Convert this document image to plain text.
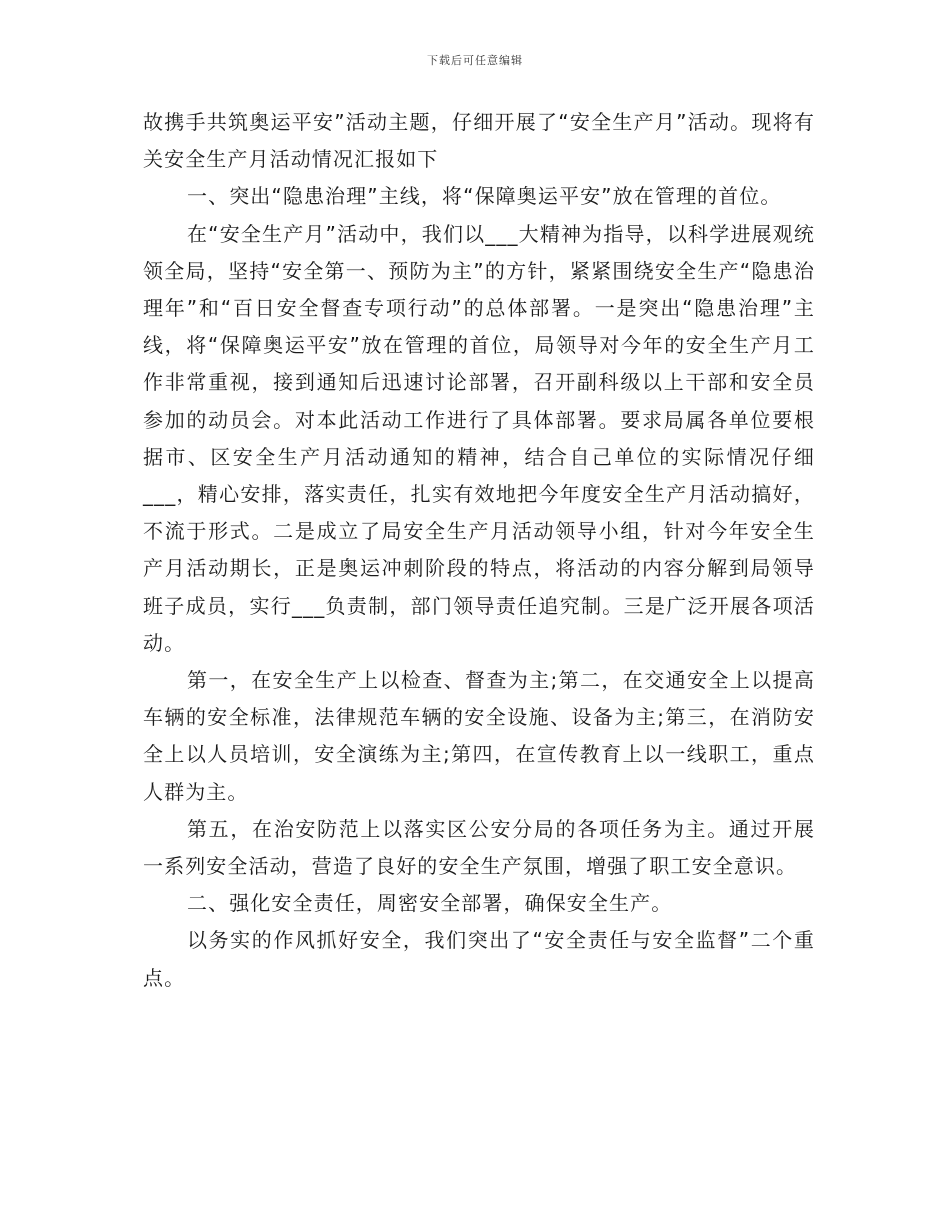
下载后可任意编辑

故携手共筑奥运平安”活动主题，仔细开展了“安全生产月”活动。现将有关安全生产月活动情况汇报如下

一、突出“隐患治理”主线，将“保障奥运平安”放在管理的首位。

在“安全生产月”活动中，我们以___大精神为指导，以科学进展观统领全局，坚持“安全第一、预防为主”的方针，紧紧围绕安全生产“隐患治理年”和“百日安全督查专项行动”的总体部署。一是突出“隐患治理”主线，将“保障奥运平安”放在管理的首位，局领导对今年的安全生产月工作非常重视，接到通知后迅速讨论部署，召开副科级以上干部和安全员参加的动员会。对本此活动工作进行了具体部署。要求局属各单位要根据市、区安全生产月活动通知的精神，结合自己单位的实际情况仔细___，精心安排，落实责任，扎实有效地把今年度安全生产月活动搞好，不流于形式。二是成立了局安全生产月活动领导小组，针对今年安全生产月活动期长，正是奥运冲刺阶段的特点，将活动的内容分解到局领导班子成员，实行___负责制，部门领导责任追究制。三是广泛开展各项活动。

第一，在安全生产上以检查、督查为主;第二，在交通安全上以提高车辆的安全标准，法律规范车辆的安全设施、设备为主;第三，在消防安全上以人员培训，安全演练为主;第四，在宣传教育上以一线职工，重点人群为主。

第五，在治安防范上以落实区公安分局的各项任务为主。通过开展一系列安全活动，营造了良好的安全生产氛围，增强了职工安全意识。

二、强化安全责任，周密安全部署，确保安全生产。

以务实的作风抓好安全，我们突出了“安全责任与安全监督”二个重点。
